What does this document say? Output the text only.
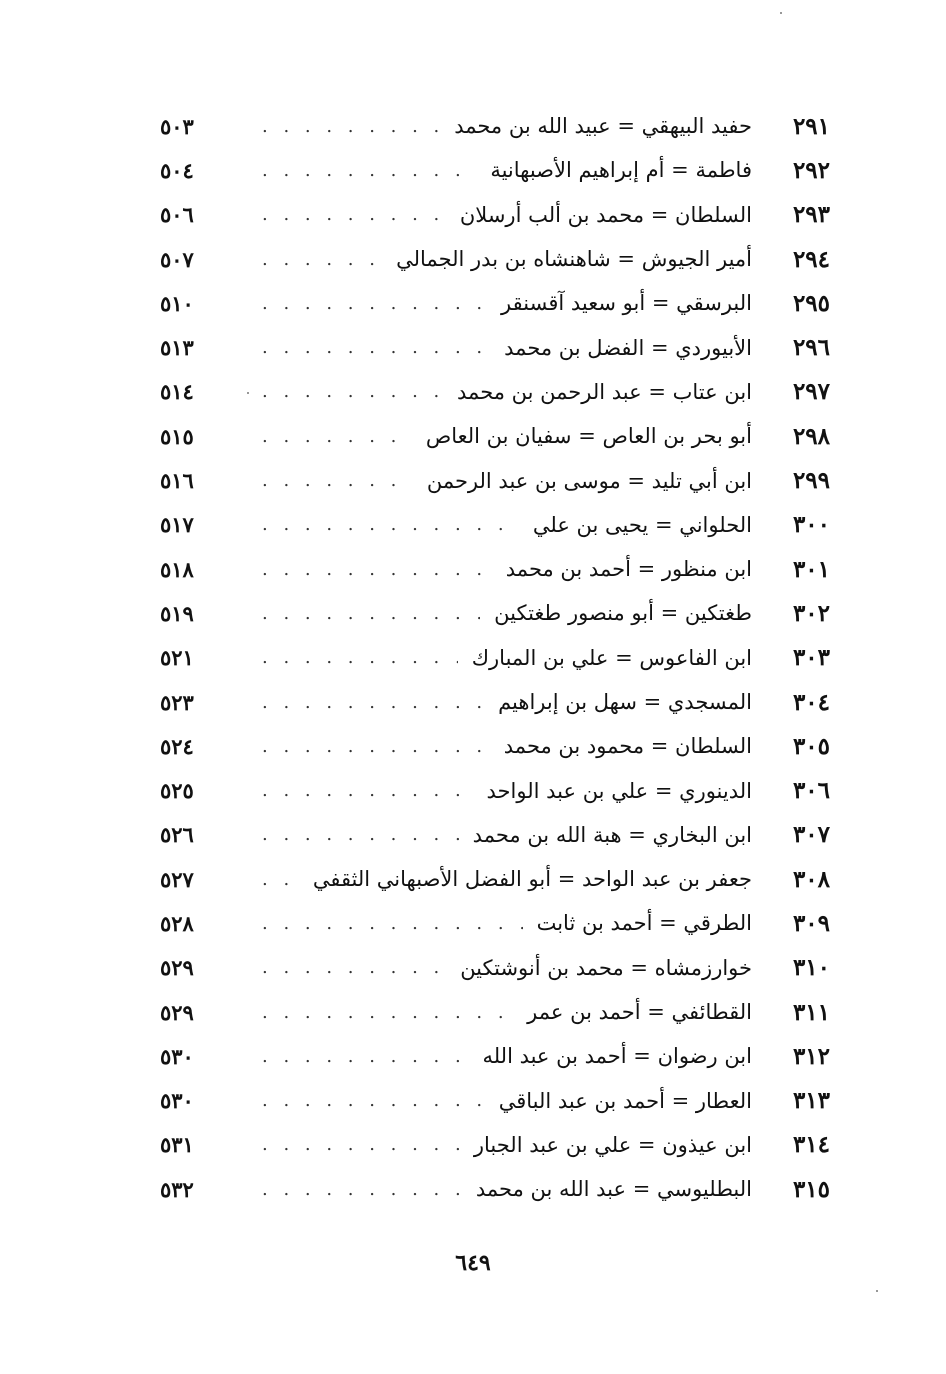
٢٩١
حفيد البيهقي = عبيد الله بن محمد
. . .
٥٠٣
٢٩٢
فاطمة = أم إبراهيم الأصبهانية
. . .
٥٠٤
٢٩٣
السلطان = محمد بن ألب أرسلان
. . .
٥٠٦
٢٩٤
أمير الجيوش = شاهنشاه بن بدر الجمالي
. . .
٥٠٧
٢٩٥
البرسقي = أبو سعيد آقسنقر
. . .
٥١٠
٢٩٦
الأبيوردي = الفضل بن محمد
. . .
٥١٣
٢٩٧
ابن عتاب = عبد الرحمن بن محمد
. . .
٥١٤
٢٩٨
أبو بحر بن العاص = سفيان بن العاص
. . .
٥١٥
٢٩٩
ابن أبي تليد = موسى بن عبد الرحمن
. . .
٥١٦
٣٠٠
الحلواني = يحيى بن علي
. . .
٥١٧
٣٠١
ابن منظور = أحمد بن محمد
. . .
٥١٨
٣٠٢
طغتكين = أبو منصور طغتكين
. . .
٥١٩
٣٠٣
ابن الفاعوس = علي بن المبارك
. . .
٥٢١
٣٠٤
المسجدي = سهل بن إبراهيم
. . .
٥٢٣
٣٠٥
السلطان = محمود بن محمد
. . .
٥٢٤
٣٠٦
الدينوري = علي بن عبد الواحد
. . .
٥٢٥
٣٠٧
ابن البخاري = هبة الله بن محمد
. . .
٥٢٦
٣٠٨
جعفر بن عبد الواحد = أبو الفضل الأصبهاني الثقفي
. . .
٥٢٧
٣٠٩
الطرقي = أحمد بن ثابت
. . .
٥٢٨
٣١٠
خوارزمشاه = محمد بن أنوشتكين
. . .
٥٢٩
٣١١
القطائفي = أحمد بن عمر
. . .
٥٢٩
٣١٢
ابن رضوان = أحمد بن عبد الله
. . .
٥٣٠
٣١٣
العطار = أحمد بن عبد الباقي
. . .
٥٣٠
٣١٤
ابن عيذون = علي بن عبد الجبار
. . .
٥٣١
٣١٥
البطليوسي = عبد الله بن محمد
. . .
٥٣٢
٦٤٩
